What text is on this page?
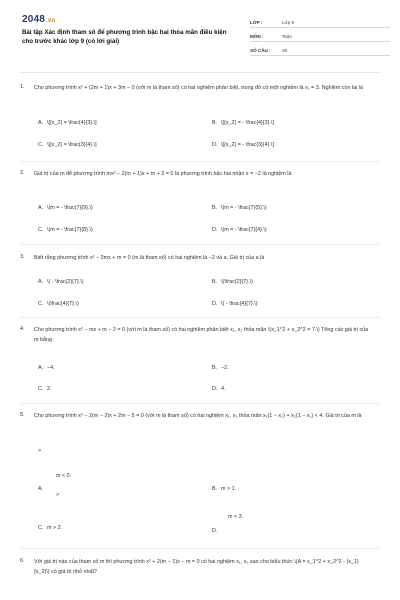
2048.vn
Bài tập Xác định tham số để phương trình bậc hai thỏa mãn điều kiện cho trước khác lớp 9 (có lời giải)
LỚP :	Lớp 9
MÔN :	Toán
SỐ CÂU :	25
1. Cho phương trình x² + (2m + 1)x + 3m − 0 (với m là tham số) có hai nghiệm phân biệt, trong đó có một nghiệm là x₁ = 3. Nghiệm còn lại là
A. \[{x_2} = \frac{4}{3}.\]	B. \[{x_2} = - \frac{4}{3}.\]
C. \[{x_2} = \frac{3}{4}.\]	D. \[{x_2} = - \frac{3}{4}.\]
2. Giá trị của m để phương trình mx² − 2(m + 1)x + m + 3 = 0 là phương trình bậc hai nhận x = −2 là nghiệm là
A. \(m = - \frac{7}{9}.\)	B. \(m = - \frac{7}{5}.\)
C. \(m = - \frac{7}{8}.\)	D. \(m = - \frac{7}{4}.\)
3. Biết rằng phương trình x² − 3mx + m = 0 (m là tham số) có hai nghiệm là −2 và a. Giá trị của a là
A. \( - \frac{2}{7}.\)	B. \(\frac{2}{7}.\)
C. \(\frac{4}{7}.\)	D. \( - \frac{4}{7}.\)
4. Cho phương trình x² − mx + m − 2 = 0 (với m là tham số) có hai nghiệm phân biệt x₁, x₂ thỏa mãn \(x_1^2 + x_2^2 = 7.\) Tổng các giá trị của m bằng
A. −4.	B. −2.
C. 2.	D. 4.
5. Cho phương trình x² − 2(m − 2)x + 2m − 5 = 0 (với m là tham số) có hai nghiệm x₁, x₂ thỏa mãn x₁(1 − x₂) + x₂(1 − x₁) < 4. Giá trị của m là
>
A.
m < 0.
>
B. m > 1.
C. m > 2.	D.
m < 3.
6. Với giá trị nào của tham số m thì phương trình x² + 2(m − 1)x − m = 0 có hai nghiệm x₁, x₂ sao cho biểu thức \(A = x_1^2 + x_2^2 - {x_1}{x_2}\) có giá trị nhỏ nhất?
